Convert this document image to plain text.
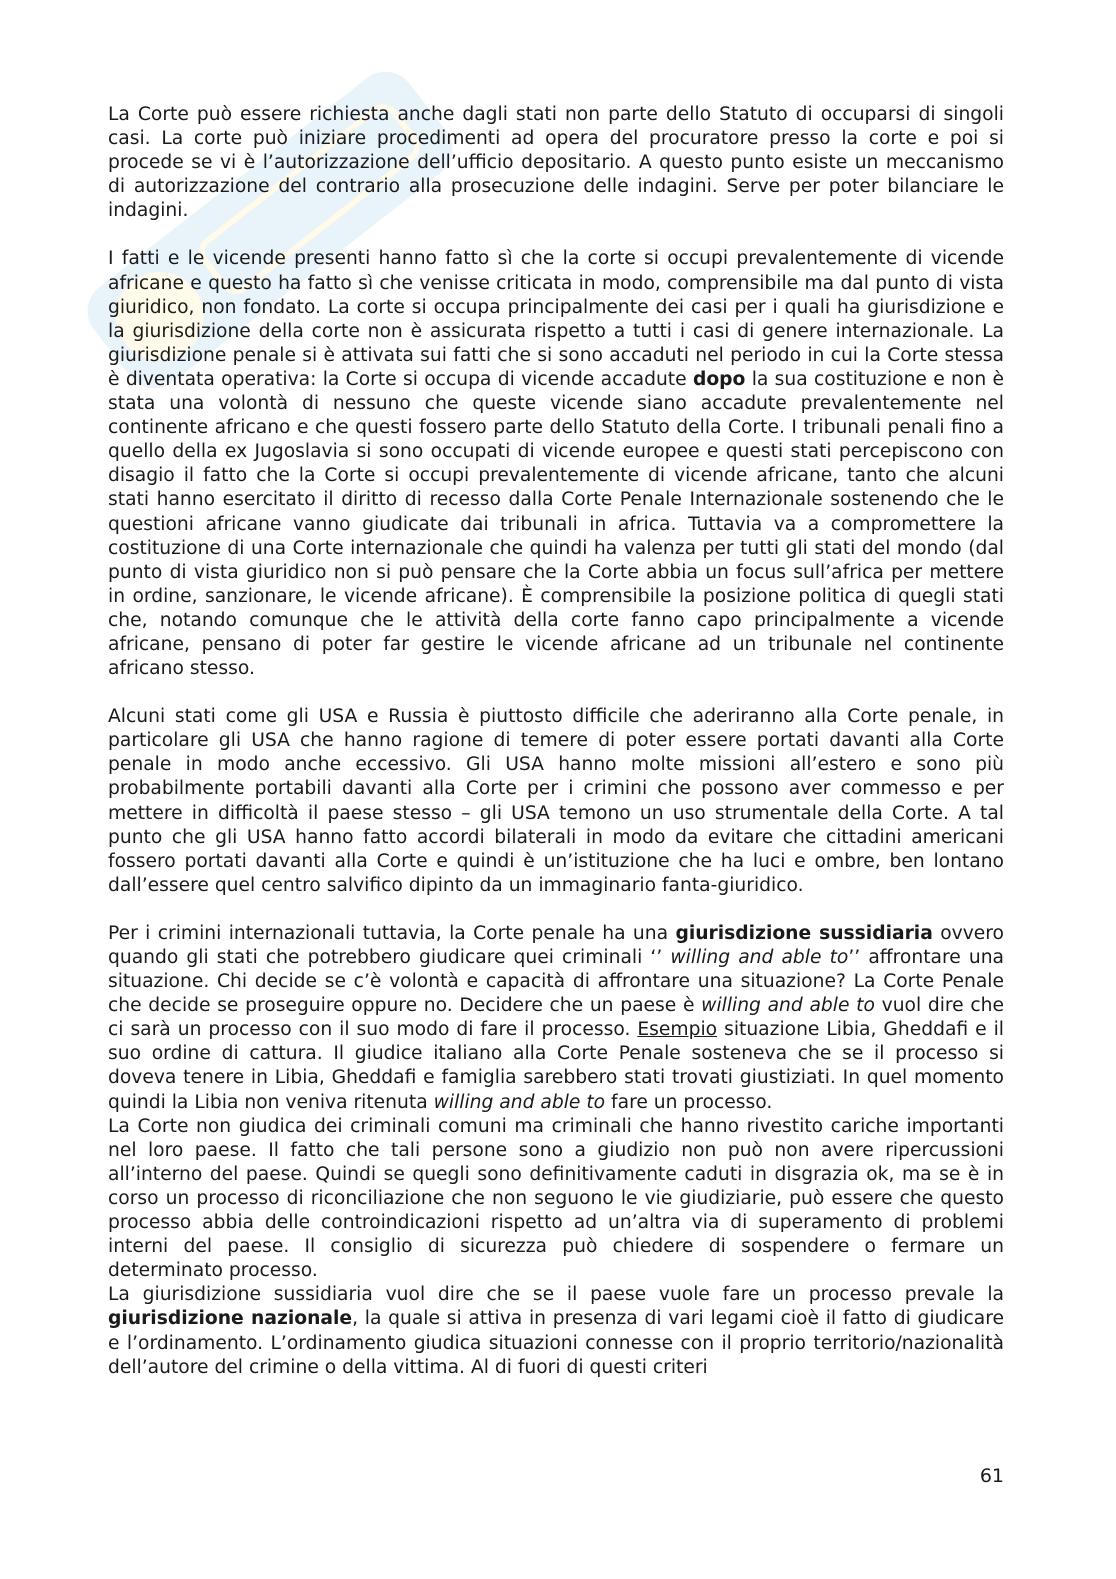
La Corte può essere richiesta anche dagli stati non parte dello Statuto di occuparsi di singoli casi. La corte può iniziare procedimenti ad opera del procuratore presso la corte e poi si procede se vi è l’autorizzazione dell’ufficio depositario. A questo punto esiste un meccanismo di autorizzazione del contrario alla prosecuzione delle indagini. Serve per poter bilanciare le indagini.

I fatti e le vicende presenti hanno fatto sì che la corte si occupi prevalentemente di vicende africane e questo ha fatto sì che venisse criticata in modo, comprensibile ma dal punto di vista giuridico, non fondato. La corte si occupa principalmente dei casi per i quali ha giurisdizione e la giurisdizione della corte non è assicurata rispetto a tutti i casi di genere internazionale. La giurisdizione penale si è attivata sui fatti che si sono accaduti nel periodo in cui la Corte stessa è diventata operativa: la Corte si occupa di vicende accadute dopo la sua costituzione e non è stata una volontà di nessuno che queste vicende siano accadute prevalentemente nel continente africano e che questi fossero parte dello Statuto della Corte. I tribunali penali fino a quello della ex Jugoslavia si sono occupati di vicende europee e questi stati percepiscono con disagio il fatto che la Corte si occupi prevalentemente di vicende africane, tanto che alcuni stati hanno esercitato il diritto di recesso dalla Corte Penale Internazionale sostenendo che le questioni africane vanno giudicate dai tribunali in africa. Tuttavia va a compromettere la costituzione di una Corte internazionale che quindi ha valenza per tutti gli stati del mondo (dal punto di vista giuridico non si può pensare che la Corte abbia un focus sull’africa per mettere in ordine, sanzionare, le vicende africane). È comprensibile la posizione politica di quegli stati che, notando comunque che le attività della corte fanno capo principalmente a vicende africane, pensano di poter far gestire le vicende africane ad un tribunale nel continente africano stesso.

Alcuni stati come gli USA e Russia è piuttosto difficile che aderiranno alla Corte penale, in particolare gli USA che hanno ragione di temere di poter essere portati davanti alla Corte penale in modo anche eccessivo. Gli USA hanno molte missioni all’estero e sono più probabilmente portabili davanti alla Corte per i crimini che possono aver commesso e per mettere in difficoltà il paese stesso – gli USA temono un uso strumentale della Corte. A tal punto che gli USA hanno fatto accordi bilaterali in modo da evitare che cittadini americani fossero portati davanti alla Corte e quindi è un’istituzione che ha luci e ombre, ben lontano dall’essere quel centro salvifico dipinto da un immaginario fanta-giuridico.

Per i crimini internazionali tuttavia, la Corte penale ha una giurisdizione sussidiaria ovvero quando gli stati che potrebbero giudicare quei criminali ‘’ willing and able to’’ affrontare una situazione. Chi decide se c’è volontà e capacità di affrontare una situazione? La Corte Penale che decide se proseguire oppure no. Decidere che un paese è willing and able to vuol dire che ci sarà un processo con il suo modo di fare il processo. Esempio situazione Libia, Gheddafi e il suo ordine di cattura. Il giudice italiano alla Corte Penale sosteneva che se il processo si doveva tenere in Libia, Gheddafi e famiglia sarebbero stati trovati giustiziati. In quel momento quindi la Libia non veniva ritenuta willing and able to fare un processo.

La Corte non giudica dei criminali comuni ma criminali che hanno rivestito cariche importanti nel loro paese. Il fatto che tali persone sono a giudizio non può non avere ripercussioni all’interno del paese. Quindi se quegli sono definitivamente caduti in disgrazia ok, ma se è in corso un processo di riconciliazione che non seguono le vie giudiziarie, può essere che questo processo abbia delle controindicazioni rispetto ad un’altra via di superamento di problemi interni del paese. Il consiglio di sicurezza può chiedere di sospendere o fermare un determinato processo.

La giurisdizione sussidiaria vuol dire che se il paese vuole fare un processo prevale la giurisdizione nazionale, la quale si attiva in presenza di vari legami cioè il fatto di giudicare e l’ordinamento. L’ordinamento giudica situazioni connesse con il proprio territorio/nazionalità dell’autore del crimine o della vittima. Al di fuori di questi criteri

61
